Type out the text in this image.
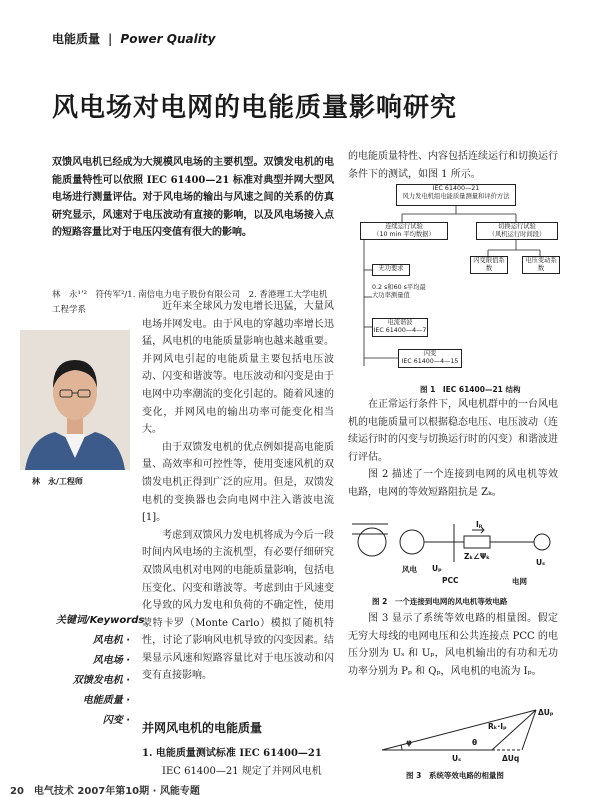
电能质量 | Power Quality
风电场对电网的电能质量影响研究
双馈风电机已经成为大规模风电场的主要机型。双馈发电机的电能质量特性可以依照 IEC 61400—21 标准对典型并网大型风电场进行测量评估。对于风电场的输出与风速之间的关系的仿真研究显示，风速对于电压波动有直接的影响，以及风电场接入点的短路容量比对于电压闪变值有很大的影响。
林　永¹ʼ²　符传军²/1. 南信电力电子股份有限公司　2. 香港理工大学电机工程学系
林　永/工程师
关键词/Keywords
风电机 ·
风电场 ·
双馈发电机 ·
电能质量 ·
闪变 ·
近年来全球风力发电增长迅猛，大量风电场并网发电。由于风电的穿越功率增长迅猛，风电机的电能质量影响也越来越重要。并网风电引起的电能质量主要包括电压波动、闪变和谐波等。电压波动和闪变是由于电网中功率潮流的变化引起的。随着风速的变化，并网风电的输出功率可能变化相当大。
由于双馈发电机的优点例如提高电能质量、高效率和可控性等，使用变速风机的双馈发电机正得到广泛的应用。但是，双馈发电机的变换器也会向电网中注入谐波电流[1]。
考虑到双馈风力发电机将成为今后一段时间内风电场的主流机型，有必要仔细研究双馈风电机对电网的电能质量影响，包括电压变化、闪变和谐波等。考虑到由于风速变化导致的风力发电和负荷的不确定性，使用蒙特卡罗（Monte Carlo）模拟了随机特性，讨论了影响风电机导致的闪变因素。结果显示风速和短路容量比对于电压波动和闪变有直接影响。
并网风电机的电能质量
1. 电能质量测试标准 IEC 61400—21
IEC 61400—21 规定了并网风电机
的电能质量特性、内容包括连续运行和切换运行条件下的测试，如图 1 所示。
IEC 61400—21
风力发电机组电能质量测量和评价方法
连续运行试验
（10 min 平均数据）
切换运行试验
（风机运行时间段）
无功要求
0.2 s和60 s平均最大功率测量值
电流谐波
IEC 61400—4—7
闪变
IEC 61400—4—15
闪变限值系数
电压变动系数
图 1　IEC 61400—21 结构
在正常运行条件下，风电机群中的一台风电机的电能质量可以根据稳态电压、电压波动（连续运行时的闪变与切换运行时的闪变）和谐波进行评估。
图 2 描述了一个连接到电网的风电机等效电路，电网的等效短路阻抗是 Zₖ。
风电 Uₚ
Iₚ
Zₖ∠Ψₖ
PCC	电网
Uₛ
图 2　一个连接到电网的风电机等效电路
图 3 显示了系统等效电路的相量图。假定无穷大母线的电网电压和公共连接点 PCC 的电压分别为 Uₛ 和 Uₚ，风电机输出的有功和无功功率分别为 Pₚ 和 Qₚ，风电机的电流为 Iₚ。
Uₛ
ΔUₚ
ΔUq
Rₖ·Iₚ
φ	θ
图 3　系统等效电路的相量图
20　电气技术 2007年第10期 · 风能专题
